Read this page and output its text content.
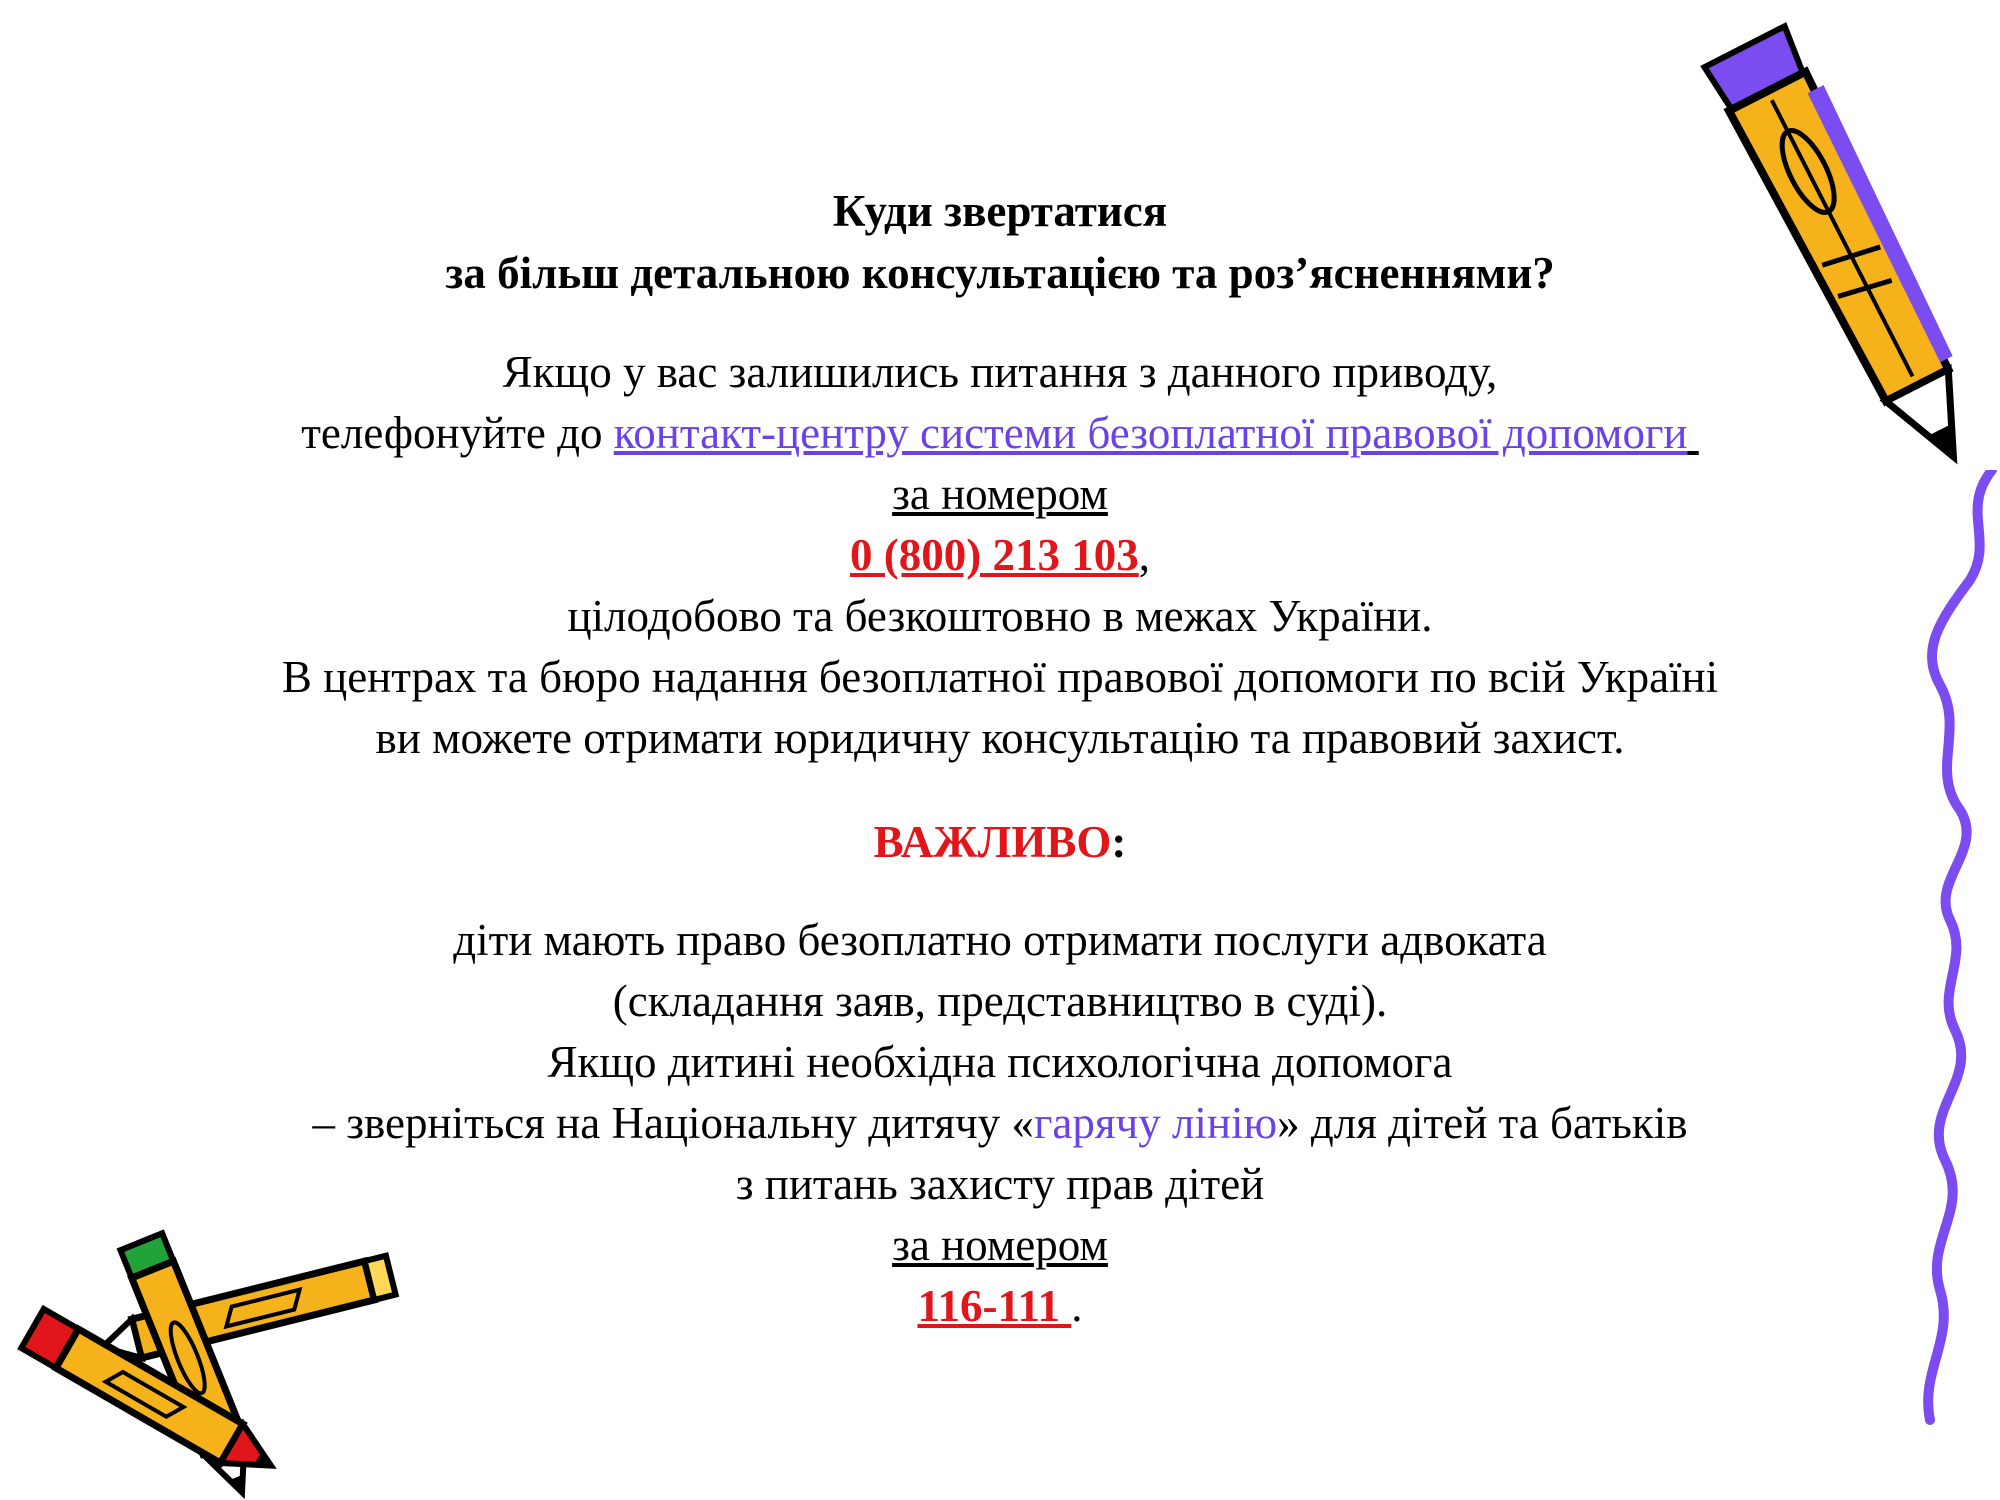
Куди звертатися
за більш детальною консультацією та роз’ясненнями?

Якщо у вас залишились питання з данного приводу,
телефонуйте до контакт-центру системи безоплатної правової допомоги
за номером
0 (800) 213 103,
цілодобово та безкоштовно в межах України.
В центрах та бюро надання безоплатної правової допомоги по всій Україні
ви можете отримати юридичну консультацію та правовий захист.
ВАЖЛИВО:
діти мають право безоплатно отримати послуги адвоката
(складання заяв, представництво в суді).
Якщо дитині необхідна психологічна допомога
– зверніться на Національну дитячу «гарячу лінію» для дітей та батьків
з питань захисту прав дітей
за номером
116-111 .
